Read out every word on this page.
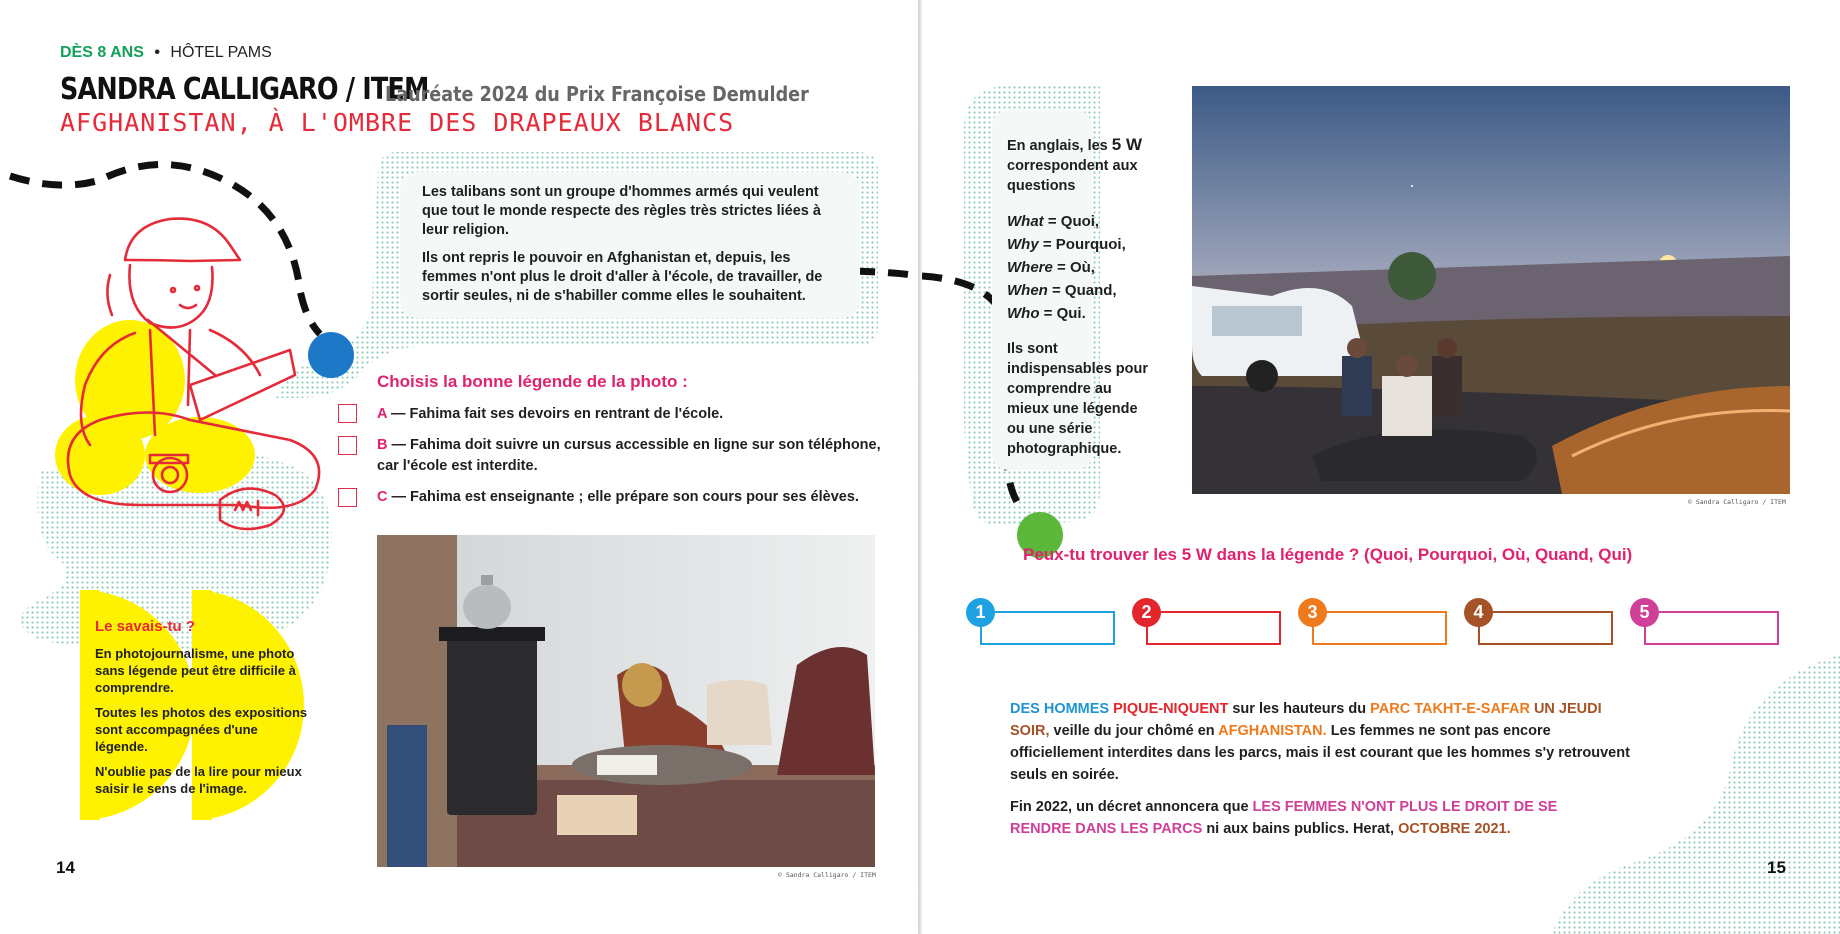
DÈS 8 ANS • HÔTEL PAMS
SANDRA CALLIGARO / ITEM
Lauréate 2024 du Prix Françoise Demulder
AFGHANISTAN, À L'OMBRE DES DRAPEAUX BLANCS

Les talibans sont un groupe d'hommes armés qui veulent que tout le monde respecte des règles très strictes liées à leur religion.

Ils ont repris le pouvoir en Afghanistan et, depuis, les femmes n'ont plus le droit d'aller à l'école, de travailler, de sortir seules, ni de s'habiller comme elles le souhaitent.

Choisis la bonne légende de la photo :
A — Fahima fait ses devoirs en rentrant de l'école.
B — Fahima doit suivre un cursus accessible en ligne sur son téléphone, car l'école est interdite.
C — Fahima est enseignante ; elle prépare son cours pour ses élèves.
© Sandra Calligaro / ITEM
Le savais-tu ?

En photojournalisme, une photo sans légende peut être difficile à comprendre.

Toutes les photos des expositions sont accompagnées d'une légende.

N'oublie pas de la lire pour mieux saisir le sens de l'image.

14
En anglais, les 5 W correspondent aux questions
What = Quoi,
Why = Pourquoi,
Where = Où,
When = Quand,
Who = Qui.
Ils sont indispensables pour comprendre au mieux une légende ou une série photographique.
© Sandra Calligaro / ITEM
Peux-tu trouver les 5 W dans la légende ? (Quoi, Pourquoi, Où, Quand, Qui)

DES HOMMES PIQUE-NIQUENT sur les hauteurs du PARC TAKHT-E-SAFAR UN JEUDI SOIR, veille du jour chômé en AFGHANISTAN. Les femmes ne sont pas encore officiellement interdites dans les parcs, mais il est courant que les hommes s'y retrouvent seuls en soirée.

Fin 2022, un décret annoncera que LES FEMMES N'ONT PLUS LE DROIT DE SE RENDRE DANS LES PARCS ni aux bains publics. Herat, OCTOBRE 2021.

15
1	2	3	4	5
